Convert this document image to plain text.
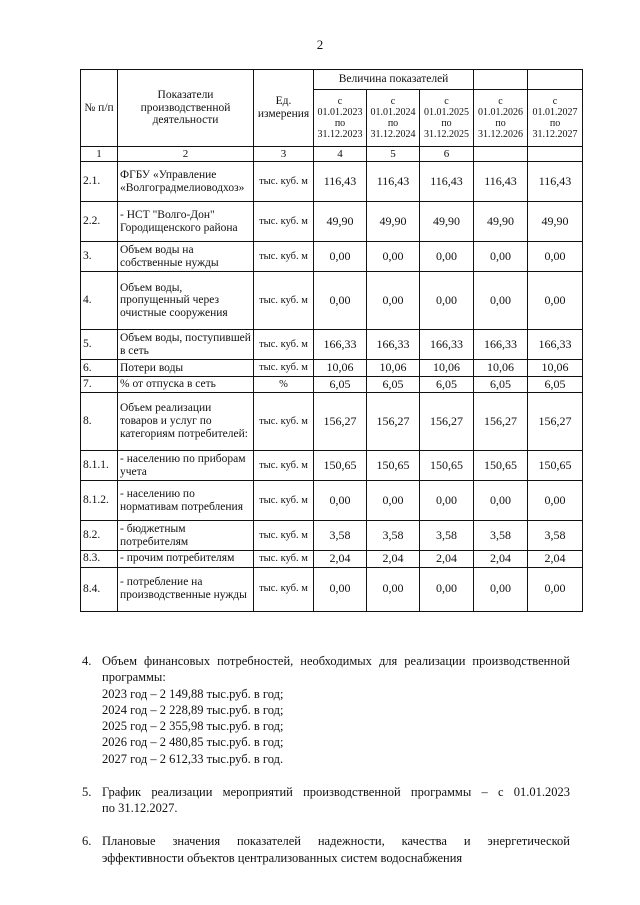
2
№ п/п	Показатели производственной деятельности	Ед. измерения	Величина показателей				

			с
01.01.2023
по
31.12.2023	с
01.01.2024
по
31.12.2024	с
01.01.2025
по
31.12.2025	с
01.01.2026
по
31.12.2026	с
01.01.2027
по
31.12.2027

1	2	3	4	5	6		
2.1.	ФГБУ «Управление «Волгоградмелиоводхоз»	тыс. куб. м	116,43	116,43	116,43	116,43	116,43
2.2.	- НСТ "Волго-Дон" Городищенского района	тыс. куб. м	49,90	49,90	49,90	49,90	49,90
3.	Объем воды на собственные нужды	тыс. куб. м	0,00	0,00	0,00	0,00	0,00
4.	Объем воды, пропущенный через очистные сооружения	тыс. куб. м	0,00	0,00	0,00	0,00	0,00
5.	Объем воды, поступившей в сеть	тыс. куб. м	166,33	166,33	166,33	166,33	166,33
6.	Потери воды	тыс. куб. м	10,06	10,06	10,06	10,06	10,06
7.	% от отпуска в сеть	%	6,05	6,05	6,05	6,05	6,05
8.	Объем реализации товаров и услуг по категориям потребителей:	тыс. куб. м	156,27	156,27	156,27	156,27	156,27
8.1.1.	- населению по приборам учета	тыс. куб. м	150,65	150,65	150,65	150,65	150,65
8.1.2.	- населению по нормативам потребления	тыс. куб. м	0,00	0,00	0,00	0,00	0,00
8.2.	- бюджетным потребителям	тыс. куб. м	3,58	3,58	3,58	3,58	3,58
8.3.	- прочим потребителям	тыс. куб. м	2,04	2,04	2,04	2,04	2,04
8.4.	- потребление на производственные нужды	тыс. куб. м	0,00	0,00	0,00	0,00	0,00
4. Объем финансовых потребностей, необходимых для реализации производственной
программы:
2023 год – 2 149,88 тыс.руб. в год;
2024 год – 2 228,89 тыс.руб. в год;
2025 год – 2 355,98 тыс.руб. в год;
2026 год – 2 480,85 тыс.руб. в год;
2027 год – 2 612,33 тыс.руб. в год.
5. График реализации мероприятий производственной программы – с 01.01.2023
по 31.12.2027.
6. Плановые значения показателей надежности, качества и энергетической
эффективности объектов централизованных систем водоснабжения
